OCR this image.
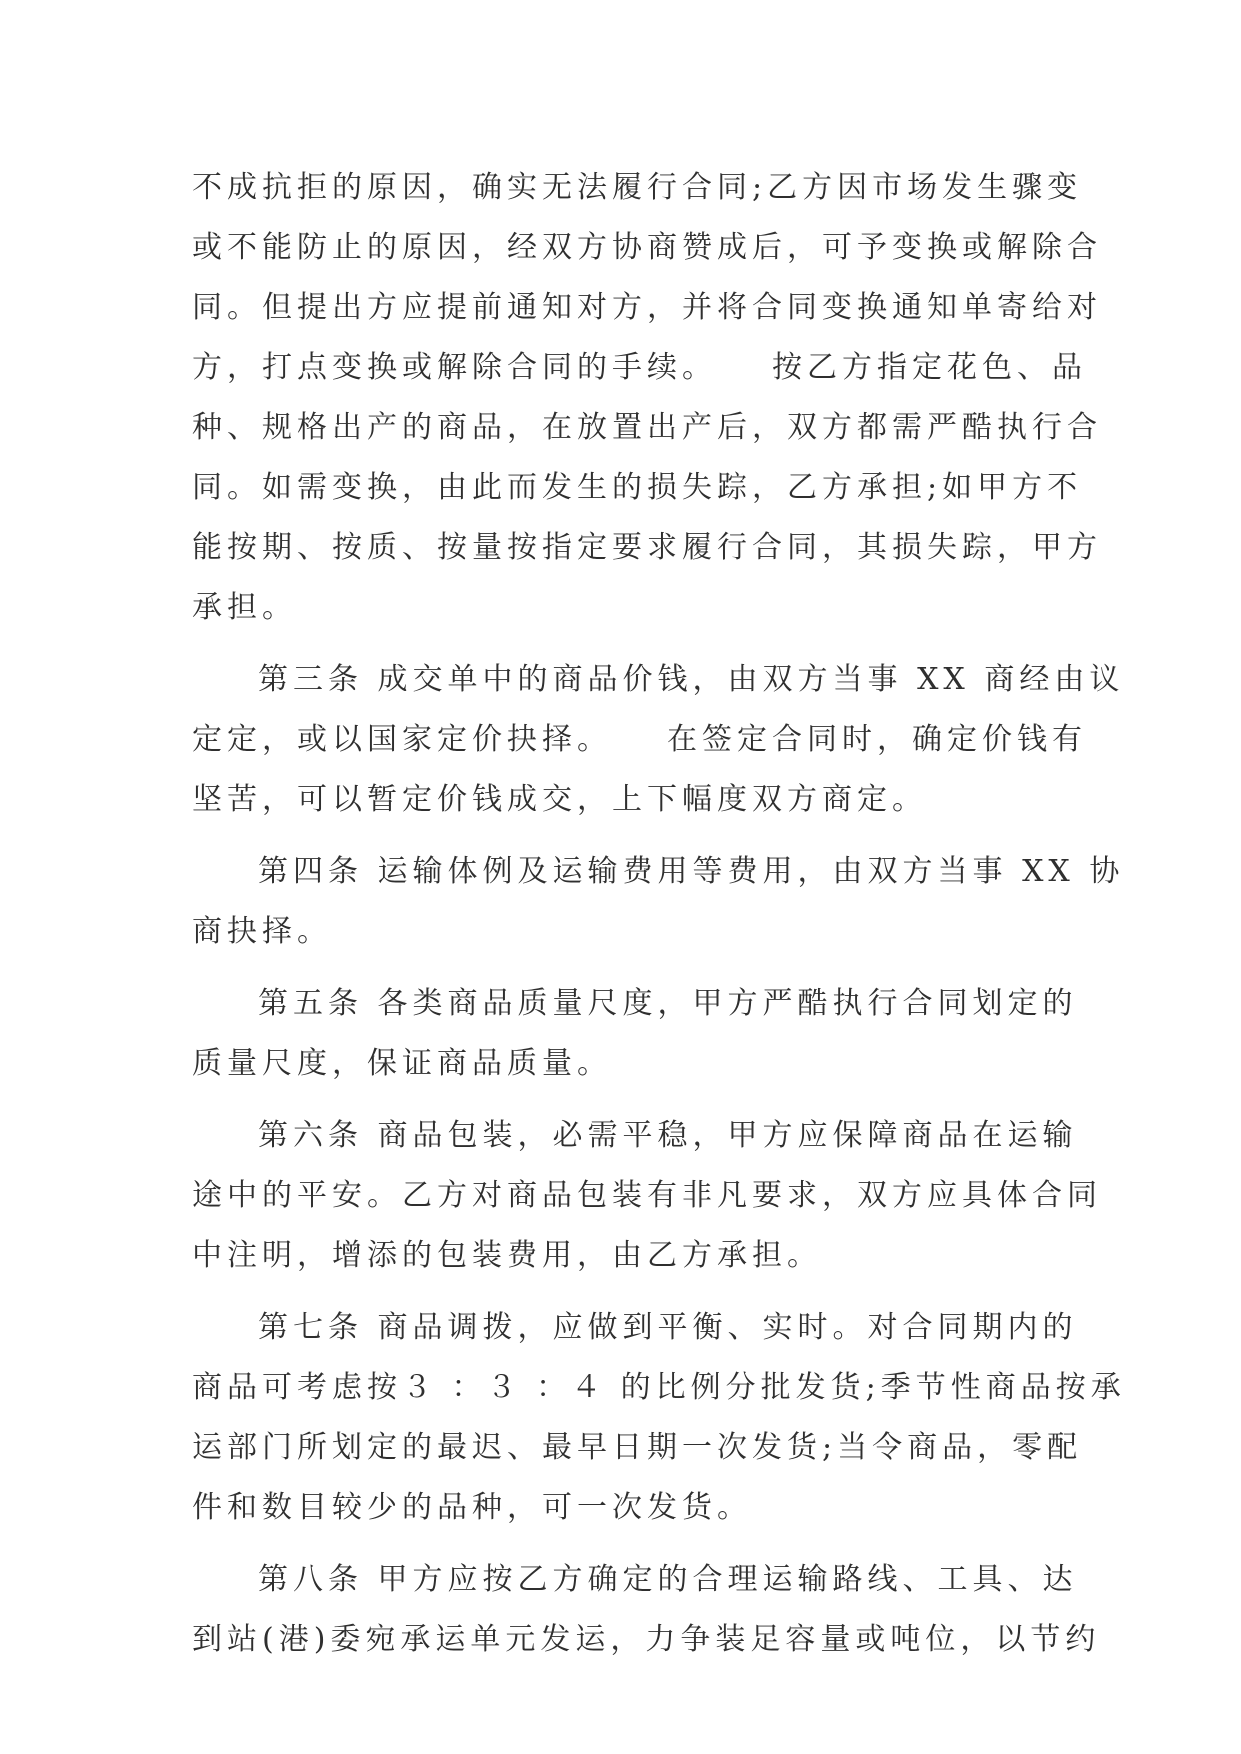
不成抗拒的原因，确实无法履行合同;乙方因市场发生骤变
或不能防止的原因，经双方协商赞成后，可予变换或解除合
同。但提出方应提前通知对方，并将合同变换通知单寄给对
方，打点变换或解除合同的手续。　　按乙方指定花色、品
种、规格出产的商品，在放置出产后，双方都需严酷执行合
同。如需变换，由此而发生的损失踪，乙方承担;如甲方不
能按期、按质、按量按指定要求履行合同，其损失踪，甲方
承担。
第三条 成交单中的商品价钱，由双方当事 XX 商经由议
定定，或以国家定价抉择。　　在签定合同时，确定价钱有
坚苦，可以暂定价钱成交，上下幅度双方商定。
第四条 运输体例及运输费用等费用，由双方当事 XX 协
商抉择。
第五条 各类商品质量尺度，甲方严酷执行合同划定的
质量尺度，保证商品质量。
第六条 商品包装，必需平稳，甲方应保障商品在运输
途中的平安。乙方对商品包装有非凡要求，双方应具体合同
中注明，增添的包装费用，由乙方承担。
第七条 商品调拨，应做到平衡、实时。对合同期内的
商品可考虑按３ ：３ ：４ 的比例分批发货;季节性商品按承
运部门所划定的最迟、最早日期一次发货;当令商品，零配
件和数目较少的品种，可一次发货。
第八条 甲方应按乙方确定的合理运输路线、工具、达
到站(港)委宛承运单元发运，力争装足容量或吨位，以节约
